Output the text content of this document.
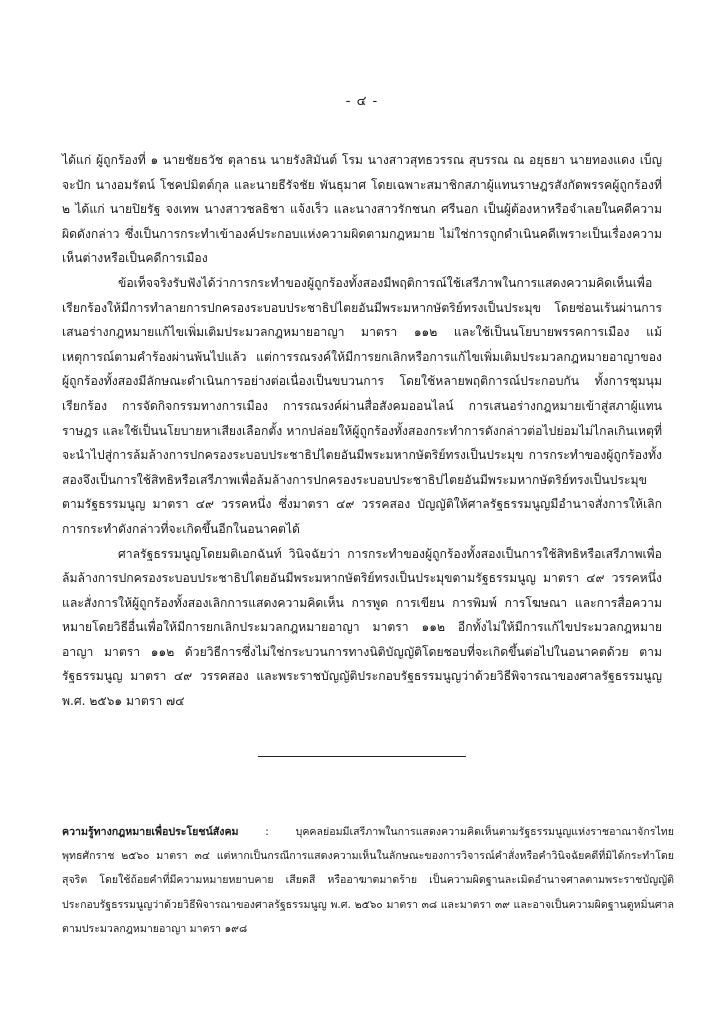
- ๔ -

ได้แก่ ผู้ถูกร้องที่ ๑ นายชัยธวัช ตุลาธน นายรังสิมันต์ โรม นางสาวสุทธวรรณ สุบรรณ ณ อยุธยา นายทองแดง เบ็ญจะปัก นางอมรัตน์ โชคปมิตต์กุล และนายธีรัจชัย พันธุมาศ โดยเฉพาะสมาชิกสภาผู้แทนราษฎรสังกัดพรรคผู้ถูกร้องที่ ๒ ได้แก่ นายปิยรัฐ จงเทพ นางสาวชลธิชา แจ้งเร็ว และนางสาวรักชนก ศรีนอก เป็นผู้ต้องหาหรือจำเลยในคดีความผิดดังกล่าว ซึ่งเป็นการกระทำเข้าองค์ประกอบแห่งความผิดตามกฎหมาย ไม่ใช่การถูกดำเนินคดีเพราะเป็นเรื่องความเห็นต่างหรือเป็นคดีการเมือง

ข้อเท็จจริงรับฟังได้ว่าการกระทำของผู้ถูกร้องทั้งสองมีพฤติการณ์ใช้เสรีภาพในการแสดงความคิดเห็นเพื่อเรียกร้องให้มีการทำลายการปกครองระบอบประชาธิปไตยอันมีพระมหากษัตริย์ทรงเป็นประมุข โดยซ่อนเร้นผ่านการเสนอร่างกฎหมายแก้ไขเพิ่มเติมประมวลกฎหมายอาญา มาตรา ๑๑๒ และใช้เป็นนโยบายพรรคการเมือง แม้เหตุการณ์ตามคำร้องผ่านพ้นไปแล้ว แต่การรณรงค์ให้มีการยกเลิกหรือการแก้ไขเพิ่มเติมประมวลกฎหมายอาญาของผู้ถูกร้องทั้งสองมีลักษณะดำเนินการอย่างต่อเนื่องเป็นขบวนการ โดยใช้หลายพฤติการณ์ประกอบกัน ทั้งการชุมนุมเรียกร้อง การจัดกิจกรรมทางการเมือง การรณรงค์ผ่านสื่อสังคมออนไลน์ การเสนอร่างกฎหมายเข้าสู่สภาผู้แทนราษฎร และใช้เป็นนโยบายหาเสียงเลือกตั้ง หากปล่อยให้ผู้ถูกร้องทั้งสองกระทำการดังกล่าวต่อไปย่อมไม่ไกลเกินเหตุที่จะนำไปสู่การล้มล้างการปกครองระบอบประชาธิปไตยอันมีพระมหากษัตริย์ทรงเป็นประมุข การกระทำของผู้ถูกร้องทั้งสองจึงเป็นการใช้สิทธิหรือเสรีภาพเพื่อล้มล้างการปกครองระบอบประชาธิปไตยอันมีพระมหากษัตริย์ทรงเป็นประมุขตามรัฐธรรมนูญ มาตรา ๔๙ วรรคหนึ่ง ซึ่งมาตรา ๔๙ วรรคสอง บัญญัติให้ศาลรัฐธรรมนูญมีอำนาจสั่งการให้เลิกการกระทำดังกล่าวที่จะเกิดขึ้นอีกในอนาคตได้

ศาลรัฐธรรมนูญโดยมติเอกฉันท์ วินิจฉัยว่า การกระทำของผู้ถูกร้องทั้งสองเป็นการใช้สิทธิหรือเสรีภาพเพื่อล้มล้างการปกครองระบอบประชาธิปไตยอันมีพระมหากษัตริย์ทรงเป็นประมุขตามรัฐธรรมนูญ มาตรา ๔๙ วรรคหนึ่ง และสั่งการให้ผู้ถูกร้องทั้งสองเลิกการแสดงความคิดเห็น การพูด การเขียน การพิมพ์ การโฆษณา และการสื่อความหมายโดยวิธีอื่นเพื่อให้มีการยกเลิกประมวลกฎหมายอาญา มาตรา ๑๑๒ อีกทั้งไม่ให้มีการแก้ไขประมวลกฎหมายอาญา มาตรา ๑๑๒ ด้วยวิธีการซึ่งไม่ใช่กระบวนการทางนิติบัญญัติโดยชอบที่จะเกิดขึ้นต่อไปในอนาคตด้วย ตามรัฐธรรมนูญ มาตรา ๔๙ วรรคสอง และพระราชบัญญัติประกอบรัฐธรรมนูญว่าด้วยวิธีพิจารณาของศาลรัฐธรรมนูญ พ.ศ. ๒๕๖๑ มาตรา ๗๔

ความรู้ทางกฎหมายเพื่อประโยชน์สังคม : บุคคลย่อมมีเสรีภาพในการแสดงความคิดเห็นตามรัฐธรรมนูญแห่งราชอาณาจักรไทย พุทธศักราช ๒๕๖๐ มาตรา ๓๔ แต่หากเป็นกรณีการแสดงความเห็นในลักษณะของการวิจารณ์คำสั่งหรือคำวินิจฉัยคดีที่มิได้กระทำโดยสุจริต โดยใช้ถ้อยคำที่มีความหมายหยาบคาย เสียดสี หรืออาฆาตมาดร้าย เป็นความผิดฐานละเมิดอำนาจศาลตามพระราชบัญญัติประกอบรัฐธรรมนูญว่าด้วยวิธีพิจารณาของศาลรัฐธรรมนูญ พ.ศ. ๒๕๖๐ มาตรา ๓๘ และมาตรา ๓๙ และอาจเป็นความผิดฐานดูหมิ่นศาลตามประมวลกฎหมายอาญา มาตรา ๑๙๘
